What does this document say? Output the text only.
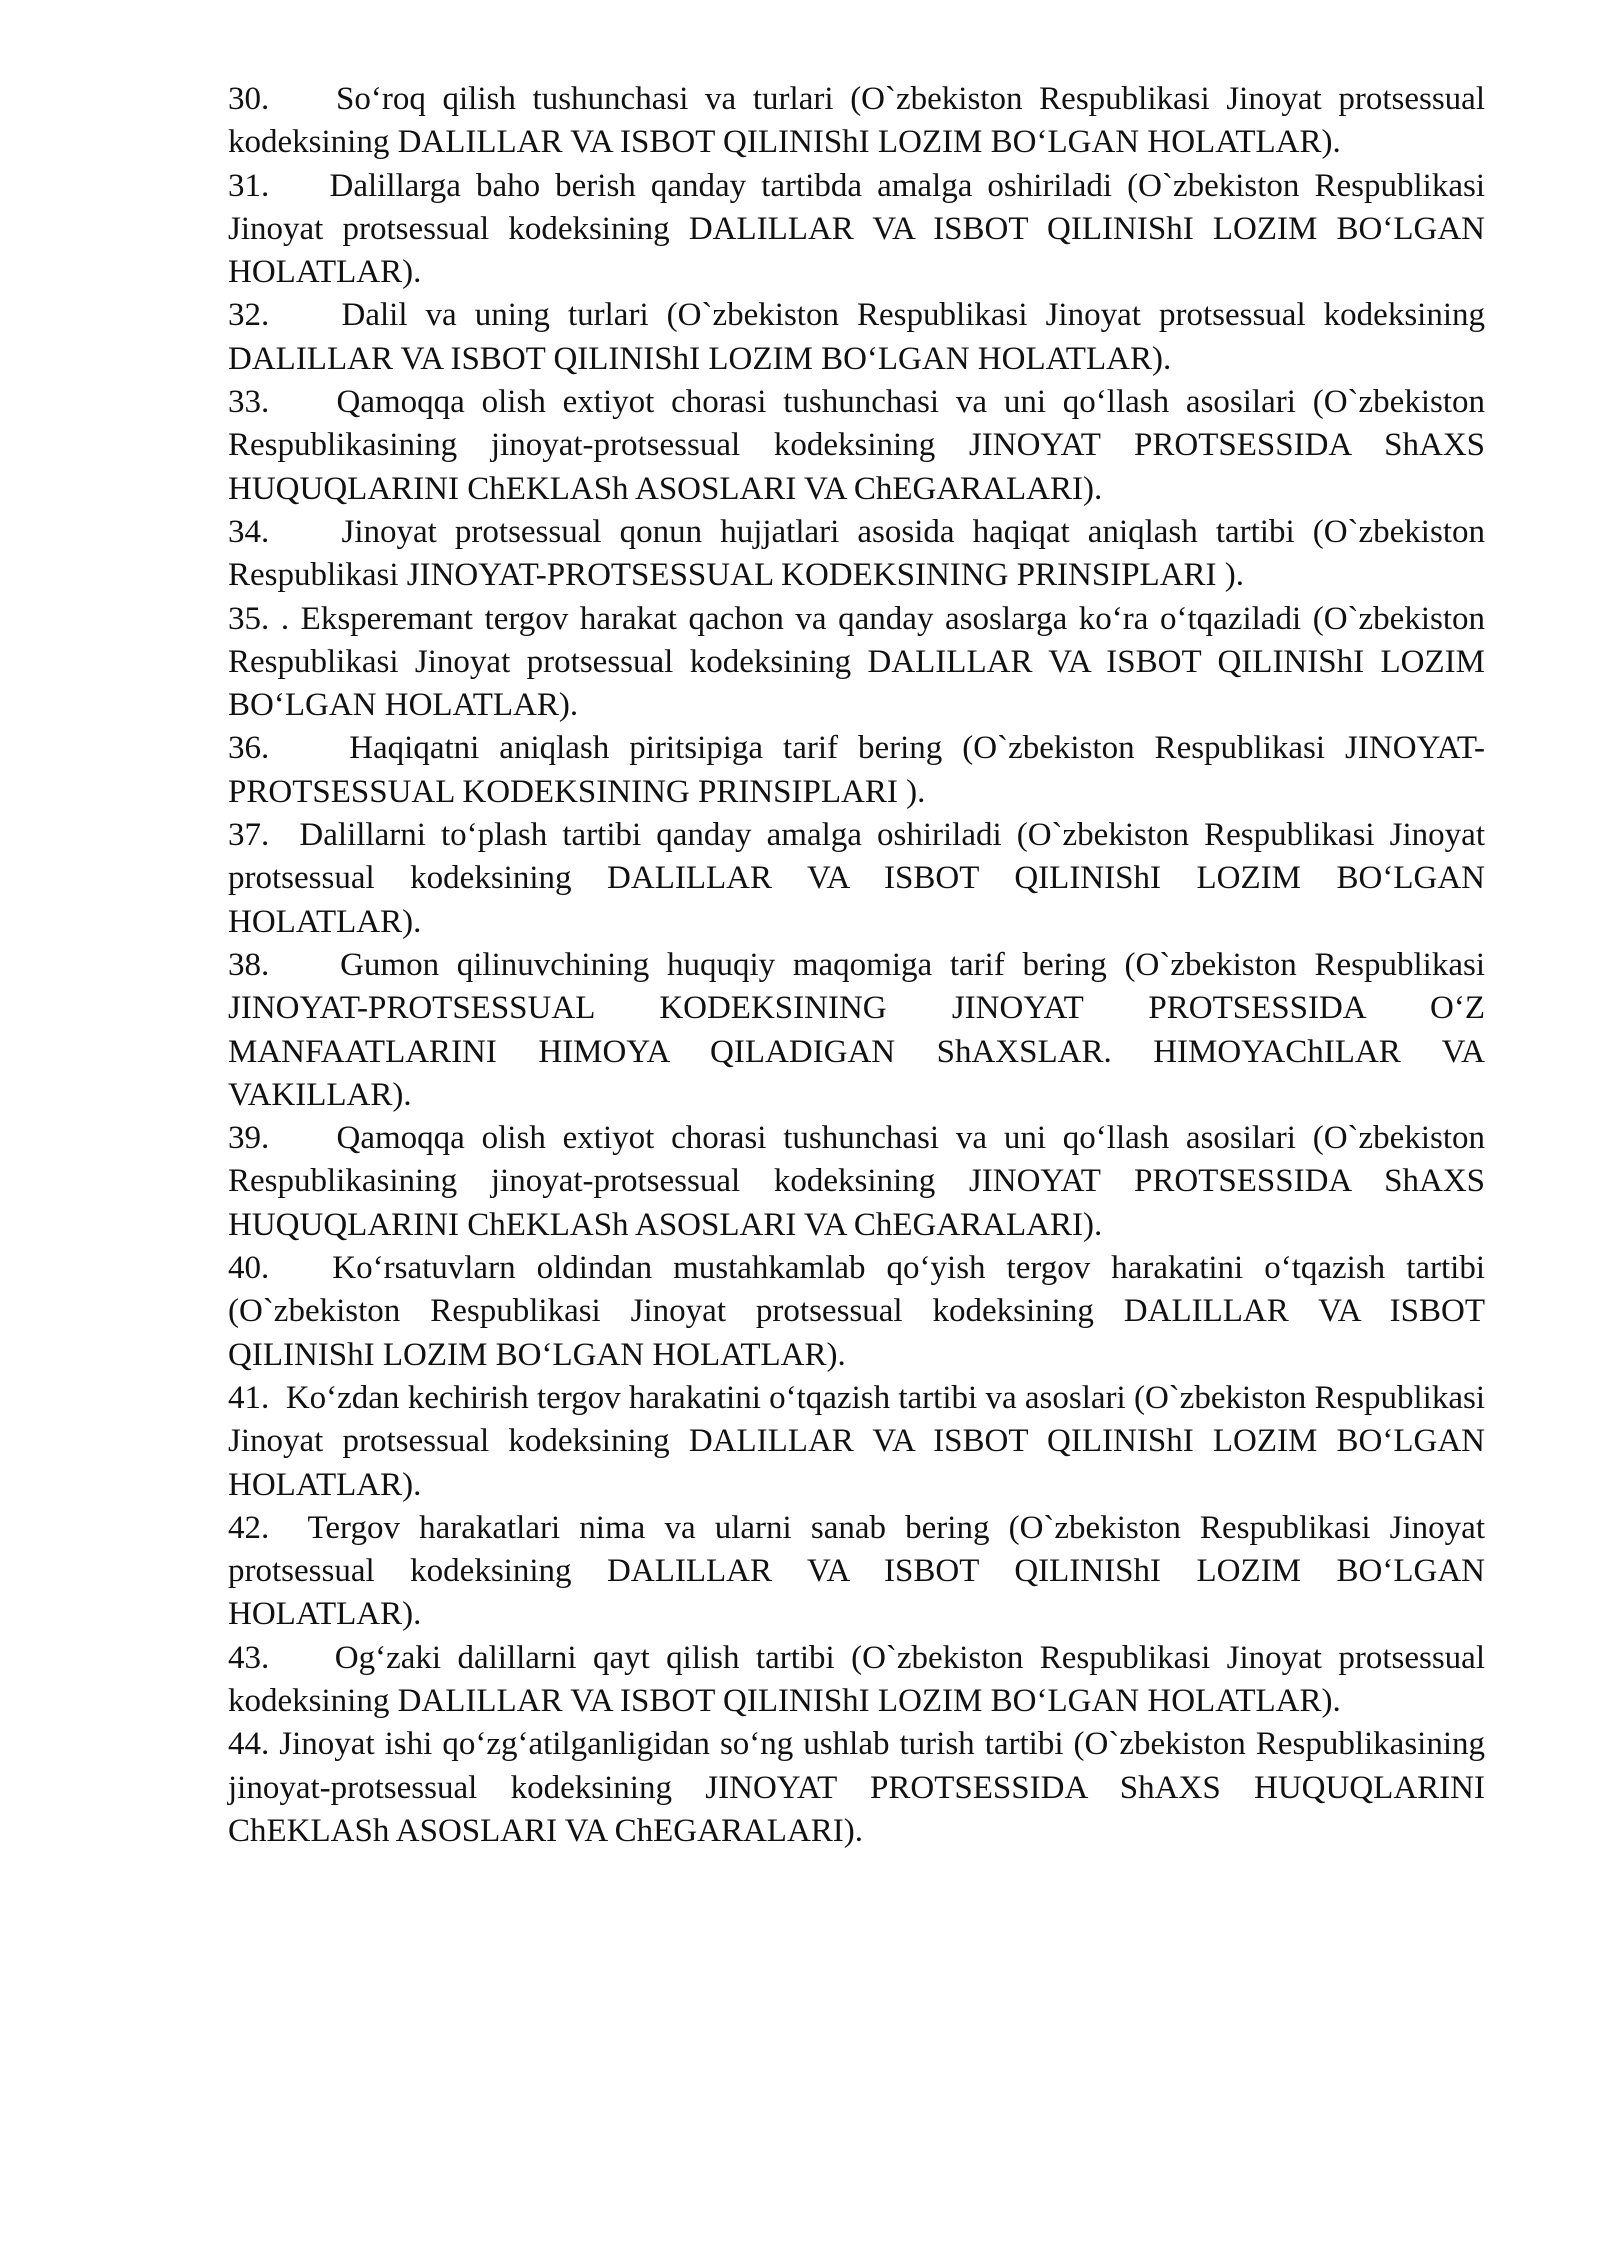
30. So‘roq qilish tushunchasi va turlari (O`zbekiston Respublikasi Jinoyat protsessual kodeksining DALILLAR VA ISBOT QILINIShI LOZIM BO‘LGAN HOLATLAR).

31. Dalillarga baho berish qanday tartibda amalga oshiriladi (O`zbekiston Respublikasi Jinoyat protsessual kodeksining DALILLAR VA ISBOT QILINIShI LOZIM BO‘LGAN HOLATLAR).

32. Dalil va uning turlari (O`zbekiston Respublikasi Jinoyat protsessual kodeksining DALILLAR VA ISBOT QILINIShI LOZIM BO‘LGAN HOLATLAR).

33. Qamoqqa olish extiyot chorasi tushunchasi va uni qo‘llash asosilari (O`zbekiston Respublikasining jinoyat-protsessual kodeksining JINOYAT PROTSESSIDA ShAXS HUQUQLARINI ChEKLASh ASOSLARI VA ChEGARALARI).

34. Jinoyat protsessual qonun hujjatlari asosida haqiqat aniqlash tartibi (O`zbekiston Respublikasi JINOYAT-PROTSESSUAL KODEKSINING PRINSIPLARI ).

35. . Eksperemant tergov harakat qachon va qanday asoslarga ko‘ra o‘tqaziladi (O`zbekiston Respublikasi Jinoyat protsessual kodeksining DALILLAR VA ISBOT QILINIShI LOZIM BO‘LGAN HOLATLAR).

36. Haqiqatni aniqlash piritsipiga tarif bering (O`zbekiston Respublikasi JINOYAT-PROTSESSUAL KODEKSINING PRINSIPLARI ).

37. Dalillarni to‘plash tartibi qanday amalga oshiriladi (O`zbekiston Respublikasi Jinoyat protsessual kodeksining DALILLAR VA ISBOT QILINIShI LOZIM BO‘LGAN HOLATLAR).

38. Gumon qilinuvchining huquqiy maqomiga tarif bering (O`zbekiston Respublikasi JINOYAT-PROTSESSUAL KODEKSINING JINOYAT PROTSESSIDA O‘Z MANFAATLARINI HIMOYA QILADIGAN ShAXSLAR. HIMOYAChILAR VA VAKILLAR).

39. Qamoqqa olish extiyot chorasi tushunchasi va uni qo‘llash asosilari (O`zbekiston Respublikasining jinoyat-protsessual kodeksining JINOYAT PROTSESSIDA ShAXS HUQUQLARINI ChEKLASh ASOSLARI VA ChEGARALARI).

40. Ko‘rsatuvlarn oldindan mustahkamlab qo‘yish tergov harakatini o‘tqazish tartibi (O`zbekiston Respublikasi Jinoyat protsessual kodeksining DALILLAR VA ISBOT QILINIShI LOZIM BO‘LGAN HOLATLAR).

41. Ko‘zdan kechirish tergov harakatini o‘tqazish tartibi va asoslari (O`zbekiston Respublikasi Jinoyat protsessual kodeksining DALILLAR VA ISBOT QILINIShI LOZIM BO‘LGAN HOLATLAR).

42. Tergov harakatlari nima va ularni sanab bering (O`zbekiston Respublikasi Jinoyat protsessual kodeksining DALILLAR VA ISBOT QILINIShI LOZIM BO‘LGAN HOLATLAR).

43. Og‘zaki dalillarni qayt qilish tartibi (O`zbekiston Respublikasi Jinoyat protsessual kodeksining DALILLAR VA ISBOT QILINIShI LOZIM BO‘LGAN HOLATLAR).

44. Jinoyat ishi qo‘zg‘atilganligidan so‘ng ushlab turish tartibi (O`zbekiston Respublikasining jinoyat-protsessual kodeksining JINOYAT PROTSESSIDA ShAXS HUQUQLARINI ChEKLASh ASOSLARI VA ChEGARALARI).
